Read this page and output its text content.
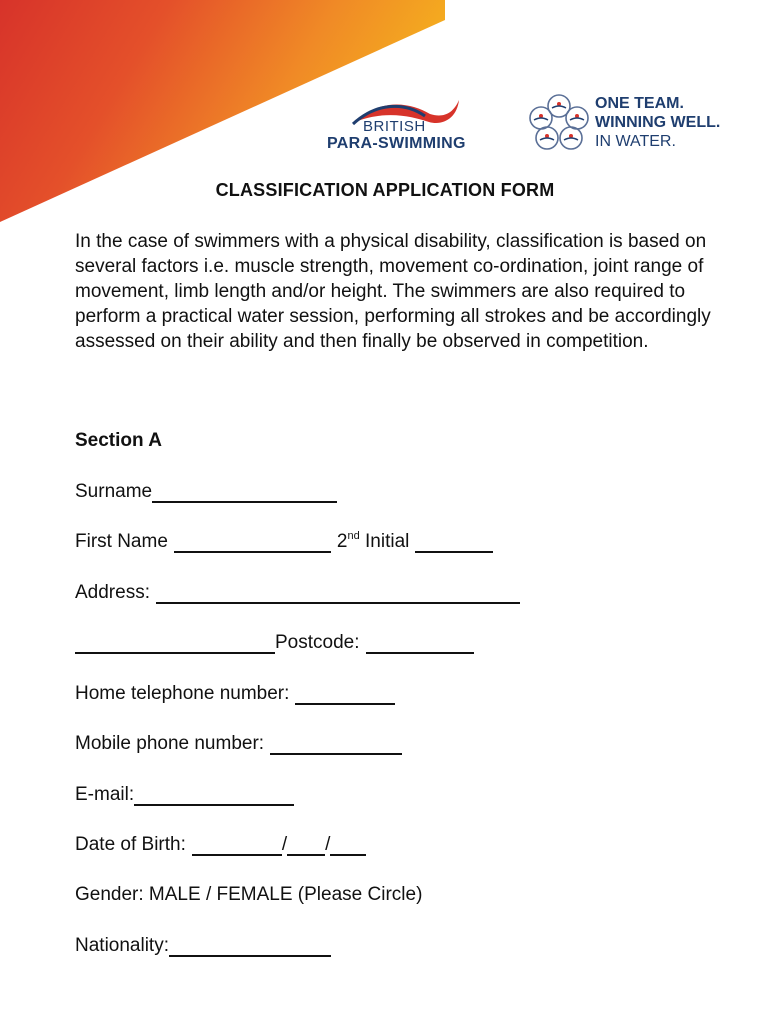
BRITISH
PARA-SWIMMING
ONE TEAM.
WINNING WELL.
IN WATER.
CLASSIFICATION APPLICATION FORM

In the case of swimmers with a physical disability, classification is based on several factors i.e. muscle strength, movement co-ordination, joint range of movement, limb length and/or height. The swimmers are also required to perform a practical water session, performing all strokes and be accordingly assessed on their ability and then finally be observed in competition.

Section A
Surname
First Name	2nd Initial
Address:
Postcode:
Home telephone number:
Mobile phone number:
E-mail:
Date of Birth:	/ /
Gender: MALE / FEMALE (Please Circle)
Nationality:
